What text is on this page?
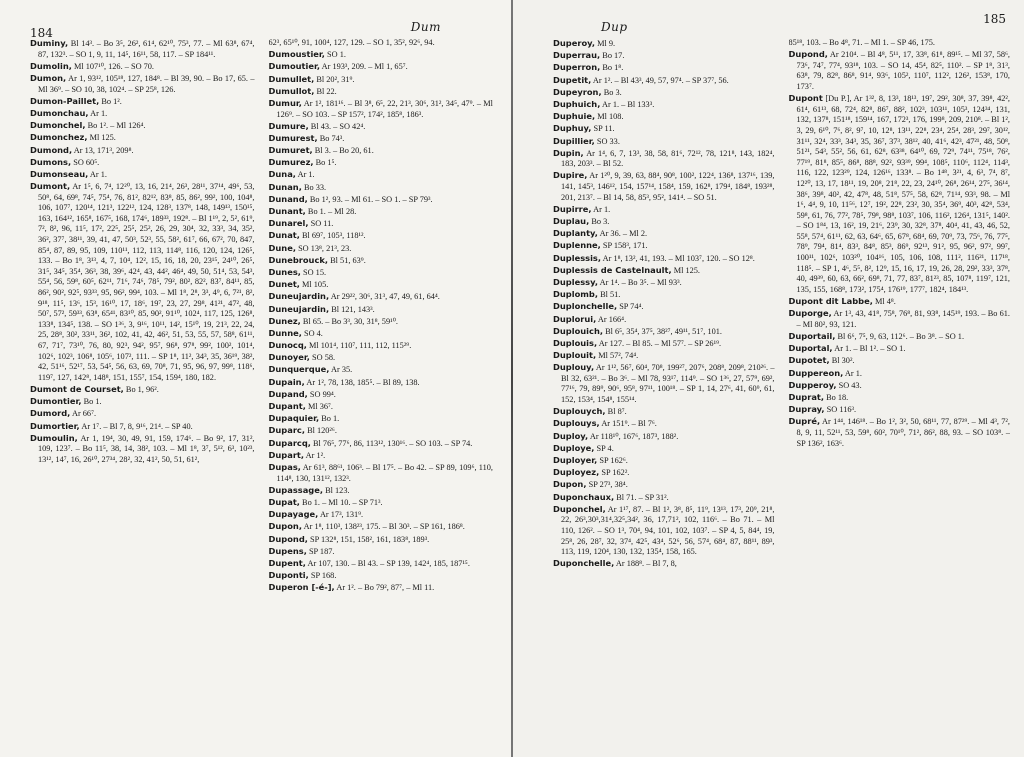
184	Dum

Duminy, Bl 14³. – Bo 3⁵, 26², 61⁴, 62¹⁰, 75³, 77. – Ml 63⁸, 67⁴, 87, 132³. – SO 1, 9, 11, 14⁵, 16¹¹, 58, 117. – SP 184¹¹.

Dumolin, Ml 107¹⁰, 126. – SO 70.

Dumon, Ar 1, 93¹², 105¹⁸, 127, 184⁸. – Bl 39, 90. – Bo 17, 65. – Ml 36⁹. – SO 10, 38, 102⁴. – SP 25⁸, 126.

Dumon-Paillet, Bo 1².

Dumonchau, Ar 1.

Dumonchel, Bo 1². – Ml 126⁴.

Dumonchez, Ml 125.

Dumond, Ar 13, 171³, 209⁸.

Dumons, SO 60⁵.

Dumonseau, Ar 1.

Dumont, Ar 1⁵, 6, 7⁴, 12²⁰, 13, 16, 21⁴, 26³, 28¹¹, 37¹⁴, 49⁶, 53, 50⁸, 64, 69⁸, 74⁵, 75⁴, 76, 81², 82¹², 83⁸, 85, 86², 99², 100, 104⁸, 106, 107⁷, 120¹⁴, 121³, 122¹², 124, 128³, 137⁸, 148, 149¹³, 150¹⁵, 163, 164¹², 165⁸, 167⁵, 168, 174⁶, 189³³, 192⁸. – Bl 1¹⁹, 2, 5², 61⁹, 7², 8², 96, 11⁵, 17², 22⁵, 25⁵, 25², 26, 29, 30⁴, 32, 33³, 34, 35², 36², 37⁷, 38¹¹, 39, 41, 47, 50³, 52³, 55, 58², 61⁷, 66, 67², 70, 847, 85⁴, 87, 89, 95, 109, 110¹¹, 112, 113, 114⁸, 116, 120, 124, 126⁵, 133. – Bo 1⁸, 3¹³, 4, 7, 10⁴, 12², 15, 16, 18, 20, 23¹⁵, 24¹⁰, 26⁵, 31⁵, 34⁵, 35⁴, 36³, 38, 39⁶, 42⁴, 43, 44², 46⁴, 49, 50, 51⁴, 53, 54³, 55⁴, 56, 59⁸, 60⁵, 62¹¹, 71⁶, 74⁶, 78⁵, 79², 80², 82², 83⁷, 84¹¹, 85, 86², 90², 92⁵, 93³³, 95, 96², 99⁴, 103. – Ml 1⁸, 2⁸, 3³, 4⁹, 6, 7²¹, 8², 9¹⁸, 11⁵, 13⁶, 15³, 16¹⁰, 17, 18⁶, 19⁷, 23, 27, 29⁸, 41²¹, 47², 48, 50⁷, 57², 59³³, 63⁸, 65⁴¹, 83¹⁰, 85, 90², 91¹⁰, 102⁴, 117, 125, 126⁸, 133⁸, 134⁵, 138. – SO 1³⁶, 3, 9¹⁶, 10¹¹, 14², 15¹⁰, 19, 21³, 22, 24, 25, 28⁸, 30², 33¹¹, 36², 102, 41, 42, 46², 51, 53, 55, 57, 58⁸, 61¹¹, 67, 71⁷, 73¹⁰, 76, 80, 92³, 94², 95⁷, 96⁸, 97⁸, 99², 100², 101⁴, 102⁶, 102³, 106⁸, 105⁶, 107², 111. – SP 1⁸, 11², 34³, 35, 36¹⁹, 38², 42, 51¹⁶, 52¹⁷, 53, 54⁵, 56, 63, 69, 70⁸, 71, 95, 96, 97, 99⁸, 118⁶, 119⁷, 127, 142⁸, 148⁸, 151, 155⁷, 154, 159⁴, 180, 182.

Dumont de Courset, Bo 1, 96².

Dumontier, Bo 1.

Dumord, Ar 66⁷.

Dumortier, Ar 1⁷. – Bl 7, 8, 9¹⁶, 21⁴. – SP 40.

Dumoulin, Ar 1, 19⁴, 30, 49, 91, 159, 174⁶. – Bo 9², 17, 31², 109, 123⁷. – Bo 11⁵, 38, 14, 38², 103. – Ml 1⁸, 3⁷, 5¹², 6³, 10²³, 13¹², 14⁷, 16, 26¹⁰, 27³⁴, 28², 32, 41², 50, 51, 61²,

62³, 65¹⁰, 91, 100⁴, 127, 129. – SO 1, 35², 92⁶, 94.

Dumoustier, SO 1.

Dumoutier, Ar 193³, 209. – Ml 1, 65⁷.

Dumullet, Bl 20², 31⁹.

Dumullot, Bl 22.

Dumur, Ar 1², 181¹⁶. – Bl 3⁸, 6⁵, 22, 21³, 30⁶, 31², 34⁵, 47⁹. – Ml 126⁹. – SO 103. – SP 157², 174², 185⁸, 186³.

Dumure, Bl 43. – SO 42⁴.

Dumurest, Bo 74³.

Dumuret, Bl 3. – Bo 20, 61.

Dumurez, Bo 1⁵.

Duna, Ar 1.

Dunan, Bo 33.

Dunand, Bo 1², 93. – Ml 61. – SO 1. – SP 79³.

Dunant, Bo 1. – Ml 28.

Dunarel, SO 11.

Dunat, Bl 69⁷, 105³, 118¹².

Dune, SO 13⁸, 21³, 23.

Dunebrouck, Bl 51, 63⁹.

Dunes, SO 15.

Dunet, Ml 105.

Duneujardin, Ar 29²², 30⁶, 31³, 47, 49, 61, 64⁴.

Duneujardin, Bl 121, 143³.

Dunez, Bl 65. – Bo 3³, 30, 31⁸, 59¹⁰.

Dunne, SO 4.

Dunocq, Ml 101⁴, 110⁷, 111, 112, 115²⁹.

Dunoyer, SO 58.

Dunquerque, Ar 35.

Dupain, Ar 1², 78, 138, 185⁵. – Bl 89, 138.

Dupand, SO 99⁴.

Dupant, Ml 36⁷.

Dupaquier, Bo 1.

Duparc, Bl 120²⁶.

Duparcq, Bl 76⁵, 77⁶, 86, 113¹², 130¹⁶. – SO 103. – SP 74.

Dupart, Ar 1².

Dupas, Ar 61³, 88⁶¹, 106³. – Bl 17⁵. – Bo 42. – SP 89, 109⁶, 110, 114⁸, 130, 131¹², 132³.

Dupassage, Bl 123.

Dupat, Bo 1. – Ml 10. – SP 71³.

Dupayage, Ar 17³, 131⁹.

Dupon, Ar 1⁸, 110³, 138²³, 175. – Bl 30³. – SP 161, 186⁸.

Dupond, SP 132⁸, 151, 158², 161, 183⁸, 189³.

Dupens, SP 187.

Dupent, Ar 107, 130. – Bl 43. – SP 139, 142⁴, 185, 187¹⁵.

Duponti, SP 168.

Duperon [-é-], Ar 1². – Bo 79², 87⁷, – Ml 11.

185
Dup

Duperoy, Ml 9.

Duperrau, Bo 17.

Duperron, Bo 1⁸.

Dupetit, Ar 1². – Bl 43³, 49, 57, 97⁴. – SP 37⁷, 56.

Dupeyron, Bo 3.

Duphuich, Ar 1. – Bl 133³.

Duphuie, Ml 108.

Duphuy, SP 11.

Dupillier, SO 33.

Dupin, Ar 1⁴, 6, 7, 13³, 38, 58, 81⁶, 72¹², 78, 121⁸, 143, 182⁴, 183, 203³. – Bl 52.

Dupire, Ar 1²⁰, 9, 39, 63, 88⁴, 90⁸, 100², 122⁴, 136⁸, 137¹⁶, 139, 141, 145³, 146¹², 154, 157¹⁴, 158⁴, 159, 162⁸, 179⁴, 184⁸, 193²⁸, 201, 213⁷. – Bl 14, 58, 85³, 95², 141⁴. – SO 51.

Dupirre, Ar 1.

Duplau, Bo 3.

Duplanty, Ar 36. – Ml 2.

Duplenne, SP 158³, 171.

Duplessis, Ar 1⁸, 13², 41, 193. – Ml 103⁷, 120. – SO 12⁸.

Duplessis de Castelnault, Ml 125.

Duplessy, Ar 1⁴. – Bo 3⁵. – Ml 93³.

Duplomb, Bl 51.

Duplonchelle, SP 74⁴.

Duplorui, Ar 166⁴.

Duplouich, Bl 6⁵, 35⁴, 37⁵, 38²⁷, 49¹¹, 51⁷, 101.

Duplouis, Ar 127. – Bl 85. – Ml 57⁷. – SP 26¹⁹.

Duplouit, Ml 57², 74⁴.

Duplouy, Ar 1¹², 56⁷, 60⁴, 70⁸, 199²⁷, 207⁶, 208⁸, 209⁸, 210²⁶. – Bl 32, 63²¹. – Bo 3⁶. – Ml 78, 93¹⁷, 114⁹. – SO 1³⁶, 27, 57⁹, 69², 77¹⁶, 79, 89⁹, 90⁶, 95⁸, 97¹¹, 100¹⁸. – SP 1, 14, 27⁶, 41, 60⁹, 61, 152, 153⁴, 154⁸, 155¹⁴.

Duplouych, Bl 8⁷.

Duplouys, Ar 151⁹. – Bl 7⁶.

Duploy, Ar 118¹⁰, 167⁶, 187³, 188².

Duploye, SP 4.

Duployer, SP 162⁶.

Duployez, SP 162².

Dupon, SP 27³, 38⁴.

Duponchaux, Bl 71. – SP 31².

Duponchel, Ar 1¹⁷, 87. – Bl 1², 3⁸, 8⁵, 11⁹, 13¹³, 17³, 20⁹, 21⁸, 22, 26³,30³,31⁴,32⁵,34², 36, 17,71², 102, 116⁶. – Bo 71. – Ml 110, 126². – SO 1³, 70⁴, 94, 101, 102, 103⁷. – SP 4, 5, 84⁴, 19, 25⁸, 26, 28⁷, 32, 37⁴, 42⁵, 43⁴, 52⁶, 56, 57⁴, 68⁴, 87, 88¹¹, 89³, 113, 119, 120⁴, 130, 132, 135⁴, 158, 165.

Duponchelle, Ar 188⁸. – Bl 7, 8,

85¹⁸, 103. – Bo 4⁸, 71. – Ml 1. – SP 46, 175.

Dupond, Ar 210⁴. – Bl 4⁸, 5¹¹, 17, 33⁸, 61⁸, 89¹⁵. – Ml 37, 58⁶, 73⁶, 74⁷, 77⁴, 93¹⁸, 103. – SO 14, 45⁴, 82⁵, 110². – SP 1⁸, 31³, 63⁸, 79, 82⁸, 86⁸, 91⁴, 93⁶, 105², 110⁷, 112², 126², 153⁸, 170, 173⁷.

Dupont [Du P.], Ar 1³², 8, 13³, 18¹³, 19⁷, 29², 30⁸, 37, 39⁸, 42², 61⁴, 61¹³, 68, 72⁴, 82⁸, 86⁷, 88², 102³, 103¹¹, 105³, 124³⁴, 131, 132, 137⁸, 151¹⁸, 159¹⁴, 167, 172³, 176, 199⁸, 209, 210⁸. – Bl 1², 3, 29, 6¹⁰, 7⁶, 8², 9⁷, 10, 12⁸, 13¹¹, 22⁸, 23⁴, 25⁴, 28³, 29⁷, 30¹², 31¹¹, 32⁴, 33³, 34³, 35, 36⁷, 37³, 38¹², 40, 41⁶, 42³, 47²¹, 48, 50⁸, 51²¹, 54³, 55², 56, 61, 62⁸, 63³⁸, 64¹⁰, 69, 72⁹, 74¹¹, 75¹⁸, 76², 77¹⁹, 81⁸, 85⁵, 86⁸, 88⁸, 92², 93³⁹, 99⁴, 108⁵, 110⁶, 112⁴, 114³, 116, 122, 123²⁹, 124, 126¹⁶, 133⁸. – Bo 1⁴⁸, 3²¹, 4, 6³, 7⁴, 8⁷, 12²⁰, 13, 17, 18¹¹, 19, 20⁸, 21⁸, 22, 23, 24¹⁰, 26⁸, 26¹⁴, 27⁵, 36¹⁴, 38⁶, 39⁸, 40², 42, 47⁸, 48, 51⁸, 57⁵, 58, 62⁸, 71¹⁴, 93³, 98. – Ml 1⁶, 4⁴, 9, 10, 11⁵⁶, 12⁷, 19², 22⁸, 23², 30, 35⁴, 36⁹, 40³, 42⁸, 53⁴, 59⁸, 61, 76, 77², 78⁵, 79⁸, 98⁸, 103⁷, 106, 116², 126⁴, 131⁵, 140². – SO 1⁸⁴, 13, 16², 19, 21⁶, 23⁹, 30, 32⁸, 37⁸, 40⁴, 41, 43, 46, 52, 55⁸, 57⁴, 61¹¹, 62, 63, 64⁶, 65, 67⁸, 68⁴, 69, 70⁹, 73, 75⁶, 76, 77⁵, 78⁹, 79⁴, 81⁴, 83³, 84⁸, 85³, 86⁹, 92¹³, 91², 95, 96², 97², 99⁷, 100¹¹, 102⁶, 103²⁰, 104¹⁶, 105, 106, 108, 111², 116²¹, 117¹⁸, 118⁵. – SP 1, 4⁶, 5⁵, 8², 12⁹, 15, 16, 17, 19, 26, 28, 29², 33³, 37⁸, 40, 49³⁹, 60, 63, 66², 69⁸, 71, 77, 83⁷, 81²³, 85, 107⁸, 119⁷, 121, 135, 155, 168⁸, 173², 175⁴, 176¹⁹, 177⁷, 182⁴, 184¹³.

Dupont dit Labbe, Ml 4⁸.

Duporge, Ar 1³, 43, 41⁸, 75⁸, 76⁸, 81, 93⁸, 145¹⁹, 193. – Bo 61. – Ml 80², 93, 121.

Duportail, Bl 6⁶, 7⁵, 9, 63, 112⁶. – Bo 3⁸. – SO 1.

Duportal, Ar 1. – Bl 1². – SO 1.

Dupotet, Bl 30².

Duppereon, Ar 1.

Dupperoy, SO 43.

Duprat, Bo 18.

Dupray, SO 116³.

Dupré, Ar 1⁴⁴, 146¹⁸. – Bo 1², 3², 50, 68¹¹, 77, 87²⁹. – Ml 4³, 7², 8, 9, 11, 52¹¹, 53, 59⁸, 60², 70¹⁰, 71², 86², 88, 93. – SO 103⁸. – SP 136², 163⁶.
